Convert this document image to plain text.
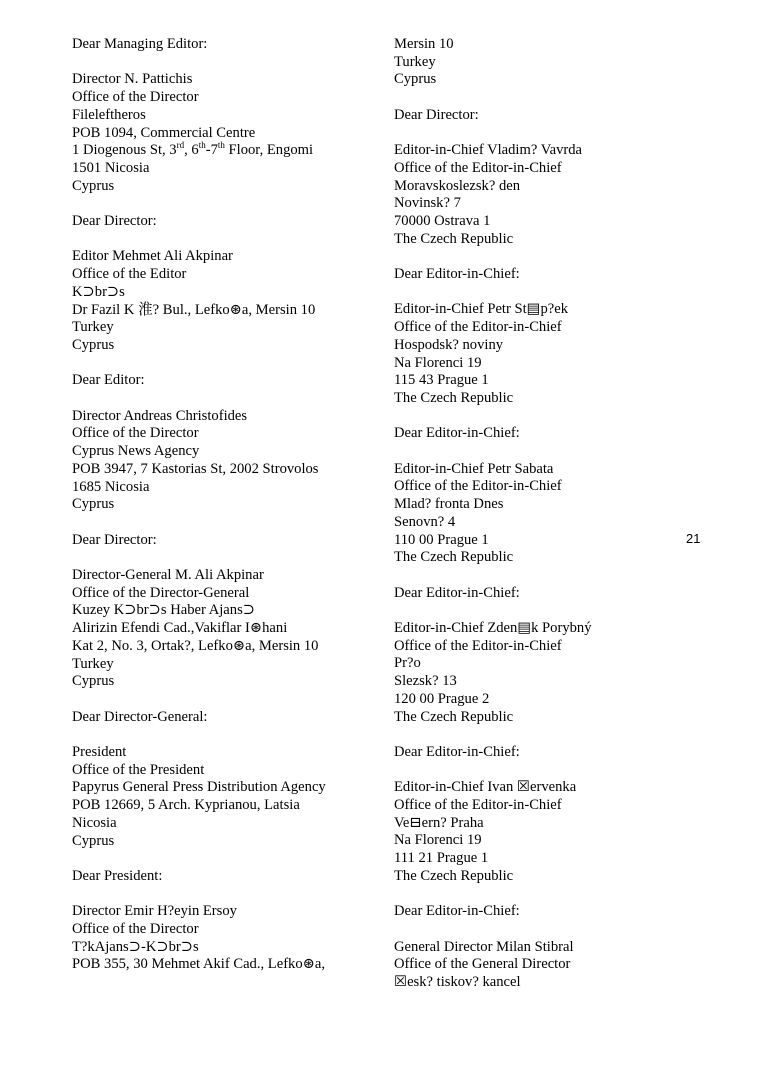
Dear Managing Editor:
Director N. Pattichis
Office of the Director
Fileleftheros
POB 1094, Commercial Centre
1 Diogenous St, 3rd, 6th-7th Floor, Engomi
1501 Nicosia
Cyprus
Dear Director:
Editor Mehmet Ali Akpinar
Office of the Editor
K⊃br⊃s
Dr Fazil K 淮? Bul., Lefko⊛a, Mersin 10
Turkey
Cyprus
Dear Editor:
Director Andreas Christofides
Office of the Director
Cyprus News Agency
POB 3947, 7 Kastorias St, 2002 Strovolos
1685 Nicosia
Cyprus
Dear Director:
Director-General M. Ali Akpinar
Office of the Director-General
Kuzey K⊃br⊃s Haber Ajans⊃
Alirizin Efendi Cad.,Vakiflar I⊛hani
Kat 2, No. 3, Ortak?, Lefko⊛a, Mersin 10
Turkey
Cyprus
Dear Director-General:
President
Office of the President
Papyrus General Press Distribution Agency
POB 12669, 5 Arch. Kyprianou, Latsia
Nicosia
Cyprus
Dear President:
Director Emir H?eyin Ersoy
Office of the Director
T?kAjans⊃-K⊃br⊃s
POB 355, 30 Mehmet Akif Cad., Lefko⊛a,
Mersin 10
Turkey
Cyprus
Dear Director:
Editor-in-Chief Vladim? Vavrda
Office of the Editor-in-Chief
Moravskoslezsk? den
Novinsk? 7
70000 Ostrava 1
The Czech Republic
Dear Editor-in-Chief:
Editor-in-Chief Petr St▤p?ek
Office of the Editor-in-Chief
Hospodsk? noviny
Na Florenci 19
115 43 Prague 1
The Czech Republic
Dear Editor-in-Chief:
Editor-in-Chief Petr Sabata
Office of the Editor-in-Chief
Mlad? fronta Dnes
Senovn? 4
110 00 Prague 1
The Czech Republic
Dear Editor-in-Chief:
Editor-in-Chief Zden▤k Porybný
Office of the Editor-in-Chief
Pr?o
Slezsk? 13
120 00 Prague 2
The Czech Republic
Dear Editor-in-Chief:
Editor-in-Chief Ivan ☒ervenka
Office of the Editor-in-Chief
Ve⊟ern? Praha
Na Florenci 19
111 21 Prague 1
The Czech Republic
Dear Editor-in-Chief:
General Director Milan Stibral
Office of the General Director
☒esk? tiskov? kancel
21
